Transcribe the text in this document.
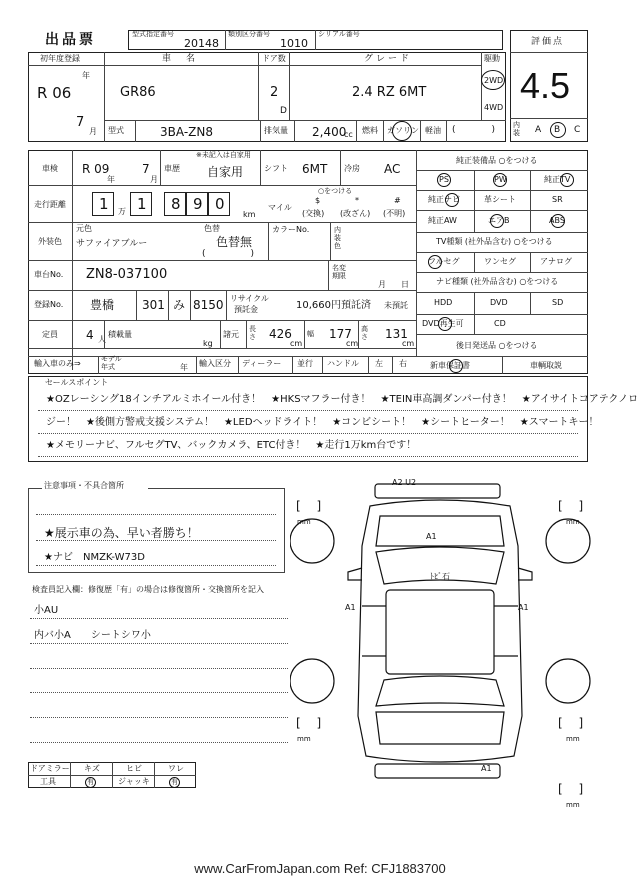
出品票	型式指定番号
20148
類別区分番号
1010
シリアル番号
評価点
4.5
内
装 A B C
初年度登録
年
R 06
7
月
車　名
GR86
ドア数
2
D
グレード
2.4 RZ 6MT
駆動
2WD
4WD
型式	3BA-ZN8	排気量 2,400
cc 燃料 ガソリン 軽油 (　　　　)
車検 R 09
年
7
月
車歴
※未記入は自家用
自家用	シフト 6MT 冷房 AC
走行距離 1 万 1 8 9 0
km
○をつける
マイル
$
(交換)
*
(改ざん)
#
(不明)
外装色
元色
サファイアブルー
色替
色替無
(　　　　　)
カラーNo.	内
装
色
車台No. ZN8-037100	名変
期限
月 日
登録No. 豊橋 301 み 8150 リサイクル
預託金	10,660円預託済 未預託
定員 4 人
積載量
kg
諸元
長
さ 426
cm
幅 177
cm
高
さ 131
cm
輸入車のみ⇒	モデル
年式	年 輸入区分 ディーラー 並行 ハンドル 左 右
純正装備品 ○をつける
PS	PW	純正TV
純正ナビ	革シート	SR
純正AW	エアB	ABS
TV種類 (社外品含む) ○をつける
フルセグ	ワンセグ	アナログ
ナビ種類 (社外品含む) ○をつける
HDD	DVD	SD
DVD再生可	CD
後日発送品 ○をつける
新車保証書	車輌取説
セールスポイント
★OZレーシング18インチアルミホイール付き！　★HKSマフラー付き！　★TEIN車高調ダンパー付き！　★アイサイトコアテクノロ
ジー！　★後側方警戒支援システム！　★LEDヘッドライト！　★コンビシート！　★シートヒーター！　★スマートキー！
★メモリーナビ、フルセグTV、バックカメラ、ETC付き！　★走行1万km台です！
注意事項・不具合箇所
★展示車の為、早い者勝ち！
★ナビ　NMZK-W73D
検査員記入欄：修復歴「有」の場合は修復箇所・交換箇所を記入
小AU
内バ小A　　シートシワ小
ドアミラー キズ	ヒビ	ワレ
工具	有	ジャッキ	有
A2 U2
A1
ﾄﾋﾞ石
A1	A1
A1
[　 ]
mm
[　 ]
mm
[　 ]
mm
[　 ]
mm
[　 ]
mm
www.CarFromJapan.com Ref: CFJ1883700
